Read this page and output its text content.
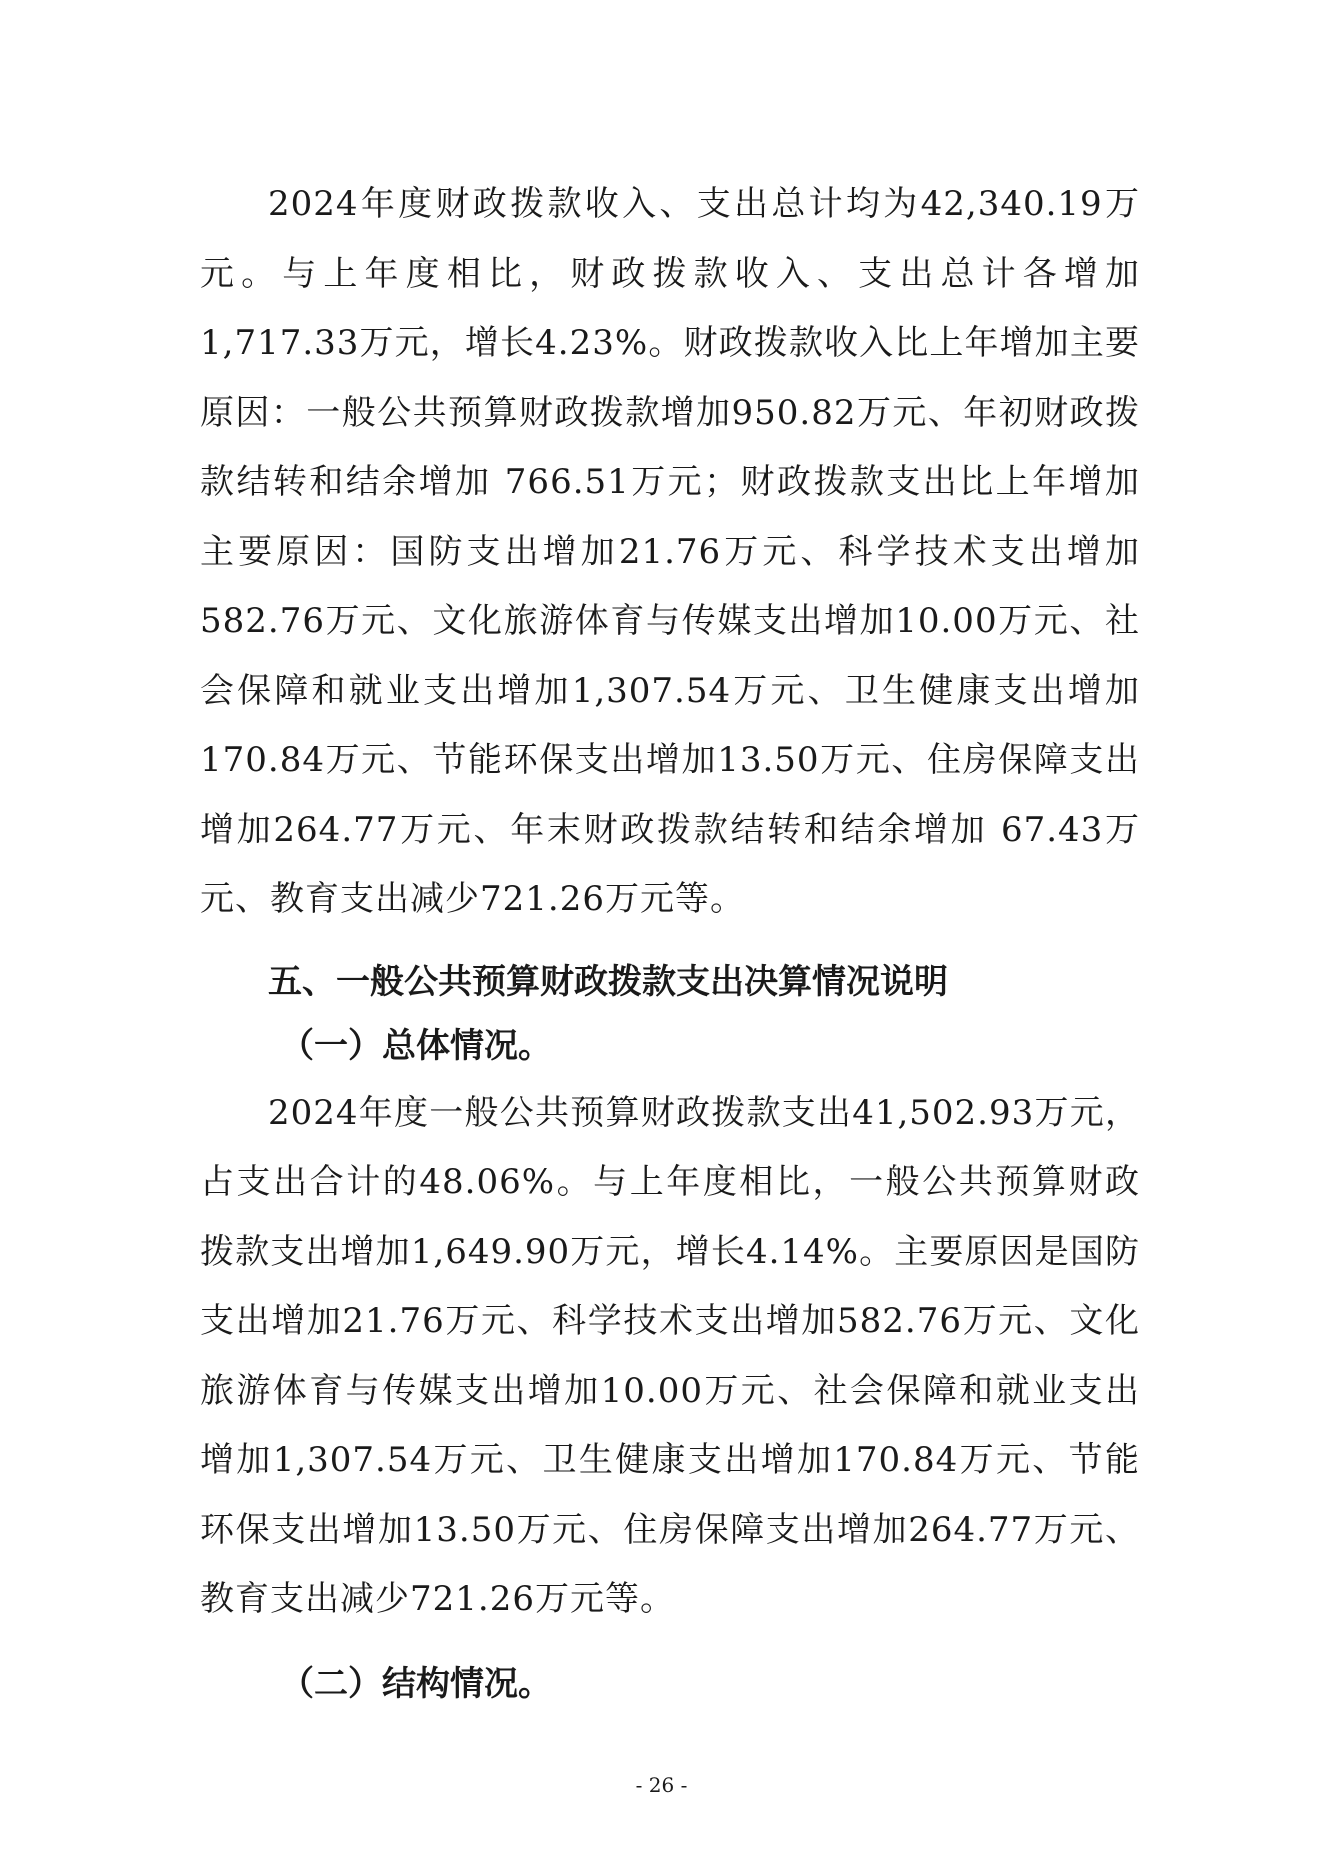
2024年度财政拨款收入、支出总计均为42,340.19万元。与上年度相比，财政拨款收入、支出总计各增加1,717.33万元，增长4.23%。财政拨款收入比上年增加主要原因：一般公共预算财政拨款增加950.82万元、年初财政拨款结转和结余增加 766.51万元；财政拨款支出比上年增加主要原因：国防支出增加21.76万元、科学技术支出增加582.76万元、文化旅游体育与传媒支出增加10.00万元、社会保障和就业支出增加1,307.54万元、卫生健康支出增加170.84万元、节能环保支出增加13.50万元、住房保障支出增加264.77万元、年末财政拨款结转和结余增加 67.43万元、教育支出减少721.26万元等。

五、一般公共预算财政拨款支出决算情况说明

（一）总体情况。

2024年度一般公共预算财政拨款支出41,502.93万元，占支出合计的48.06%。与上年度相比，一般公共预算财政拨款支出增加1,649.90万元，增长4.14%。主要原因是国防支出增加21.76万元、科学技术支出增加582.76万元、文化旅游体育与传媒支出增加10.00万元、社会保障和就业支出增加1,307.54万元、卫生健康支出增加170.84万元、节能环保支出增加13.50万元、住房保障支出增加264.77万元、教育支出减少721.26万元等。

（二）结构情况。

- 26 -
